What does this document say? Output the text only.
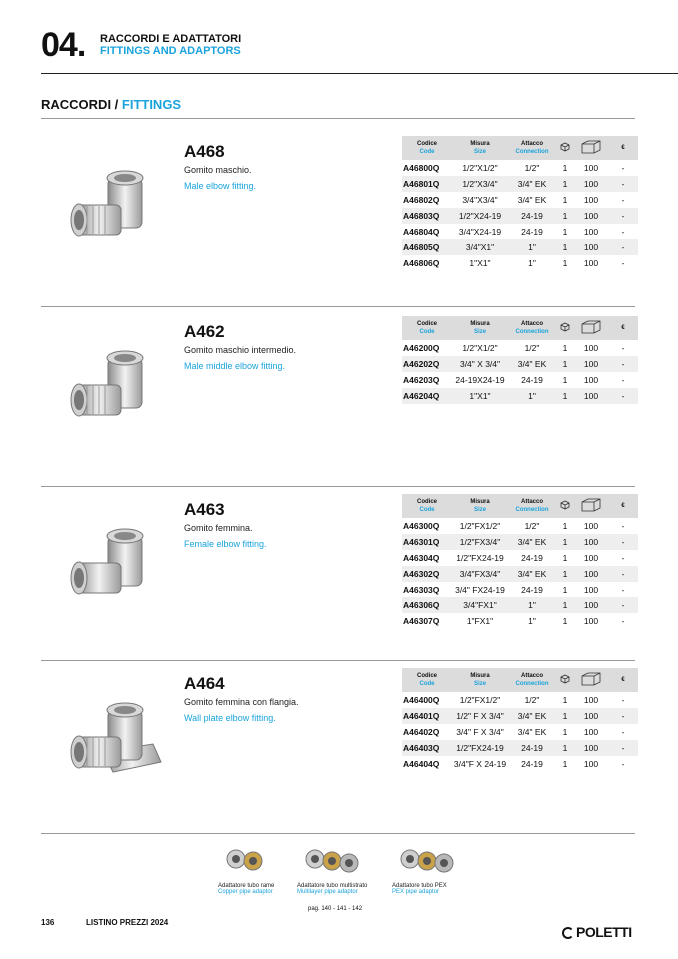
04. RACCORDI E ADATTATORI
FITTINGS AND ADAPTORS
RACCORDI / FITTINGS
A468
Gomito maschio.
Male elbow fitting.
Codice
Code	Misura
Size	Attacco
Connection			€
A46800Q	1/2"X1/2"	1/2"	1	100	-
A46801Q	1/2"X3/4"	3/4" EK	1	100	-
A46802Q	3/4"X3/4"	3/4" EK	1	100	-
A46803Q	1/2"X24-19	24-19	1	100	-
A46804Q	3/4"X24-19	24-19	1	100	-
A46805Q	3/4"X1"	1"	1	100	-
A46806Q	1"X1"	1"	1	100	-
A462
Gomito maschio intermedio.
Male middle elbow fitting.
Codice
Code	Misura
Size	Attacco
Connection			€
A46200Q	1/2"X1/2"	1/2"	1	100	-
A46202Q	3/4" X 3/4"	3/4" EK	1	100	-
A46203Q	24-19X24-19	24-19	1	100	-
A46204Q	1"X1"	1"	1	100	-
A463
Gomito femmina.
Female elbow fitting.
Codice
Code	Misura
Size	Attacco
Connection			€
A46300Q	1/2"FX1/2"	1/2"	1	100	-
A46301Q	1/2"FX3/4"	3/4" EK	1	100	-
A46304Q	1/2"FX24-19	24-19	1	100	-
A46302Q	3/4"FX3/4"	3/4" EK	1	100	-
A46303Q	3/4" FX24-19	24-19	1	100	-
A46306Q	3/4"FX1"	1"	1	100	-
A46307Q	1"FX1"	1"	1	100	-
A464
Gomito femmina con flangia.
Wall plate elbow fitting.
Codice
Code	Misura
Size	Attacco
Connection			€
A46400Q	1/2"FX1/2"	1/2"	1	100	-
A46401Q	1/2" F X 3/4"	3/4" EK	1	100	-
A46402Q	3/4" F X 3/4"	3/4" EK	1	100	-
A46403Q	1/2"FX24-19	24-19	1	100	-
A46404Q	3/4"F X 24-19	24-19	1	100	-
Adattatore tubo rame
Copper pipe adaptor
Adattatore tubo multistrato
Multilayer pipe adaptor
Adattatore tubo PEX
PEX pipe adaptor
pag. 140 - 141 - 142
136	LISTINO PREZZI 2024
POLETTI
